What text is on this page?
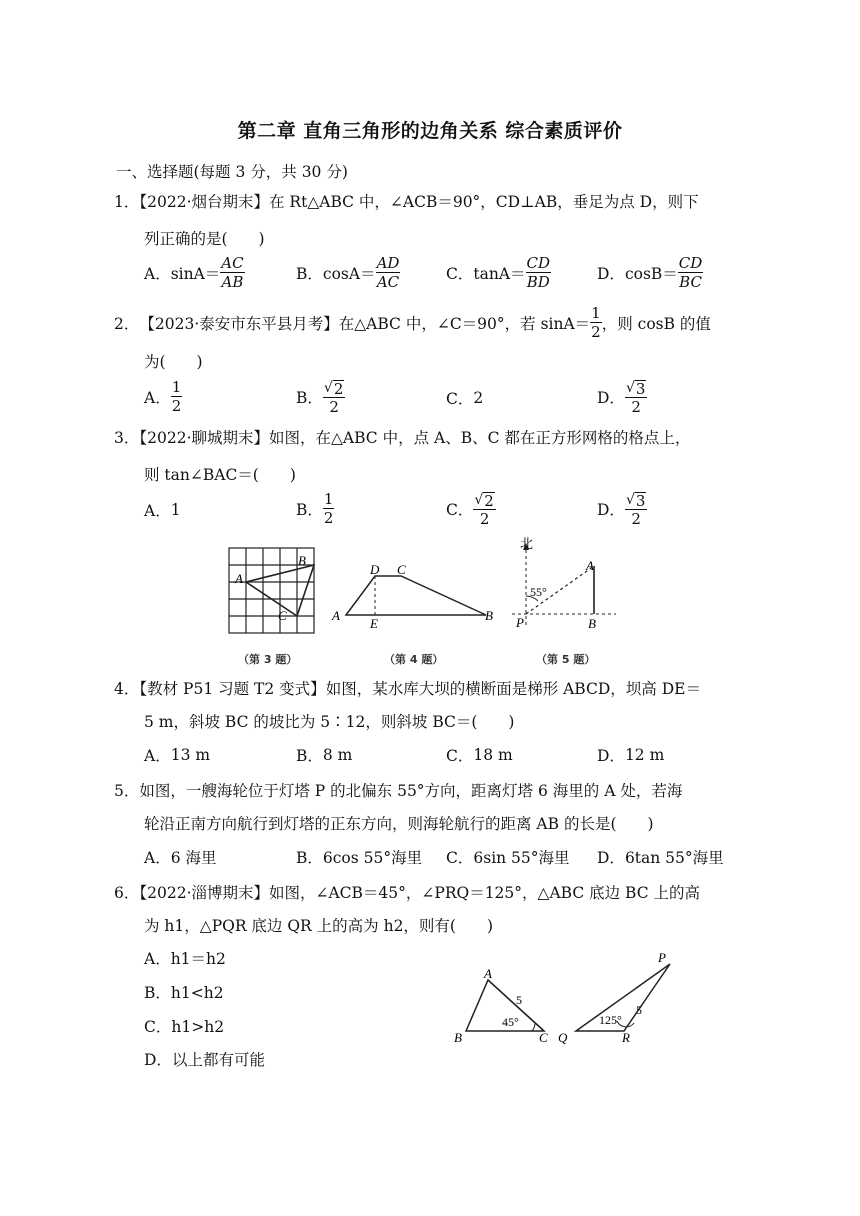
第二章 直角三角形的边角关系 综合素质评价
一、选择题(每题 3 分，共 30 分)
1．【2022·烟台期末】在 Rt△ABC 中，∠ACB＝90°，CD⊥AB，垂足为点 D，则下
列正确的是(　　)
A． $\sin A= \frac{AC}{AB}$	B． $\cos A= \frac{AD}{AC}$	C． $\tan A= \frac{CD}{BD}$	D． $\cos B= \frac{CD}{BC}$
2． 【2023·泰安市东平县月考】 在△ABC 中，∠C＝90°，若 $\sin A= \frac{1}{2}$ ，则 cosB 的值
为(　　)
A． $\frac{1}{2}$	B． $\frac{√ 2}{2}$	C． 2	D． $\frac{√ 3}{2}$
3．【2022·聊城期末】如图，在△ABC 中，点 A、B、C 都在正方形网格的格点上，
则 tan∠BAC＝(　　)
A． 1	B． $\frac{1}{2}$	C． $\frac{√ 2}{2}$	D． $\frac{√ 3}{2}$
A
B
C
（第 3 题）
D C
A
E
B
（第 4 题）
北
55°
A
P	B
（第 5 题）
4．【教材 P51 习题 T2 变式】如图，某水库大坝的横断面是梯形 ABCD，坝高 DE＝
5 m，斜坡 BC 的坡比为 5∶12，则斜坡 BC＝(　　)
A． 13 m	B． 8 m	C． 18 m	D． 12 m
5．如图，一艘海轮位于灯塔 P 的北偏东 55°方向，距离灯塔 6 海里的 A 处，若海
轮沿正南方向航行到灯塔的正东方向，则海轮航行的距离 AB 的长是(　　)
A． 6 海里	B． 6cos 55°海里 C． 6sin 55°海里 D． 6tan 55°海里
6．【2022·淄博期末】如图，∠ACB＝45°，∠PRQ＝125°，△ABC 底边 BC 上的高
为 h1，△PQR 底边 QR 上的高为 h2，则有(　　)
A．h1＝h2
B．h1<h2
C．h1>h2
D．以上都有可能
A
B	C
5
45°
P
Q	R
5
125°
